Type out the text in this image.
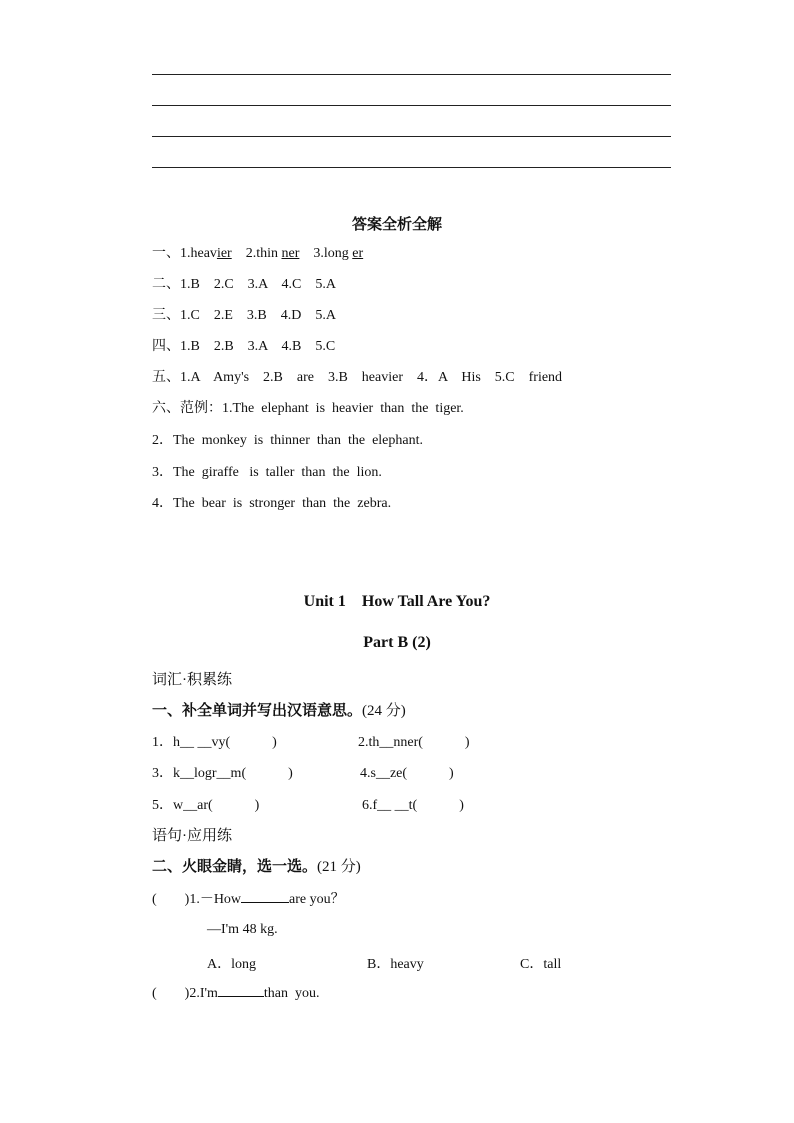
答案全析全解
一、1.heavier    2.thin ner    3.long er
二、1.B    2.C    3.A    4.C    5.A
三、1.C    2.E    3.B    4.D    5.A
四、1.B    2.B    3.A    4.B    5.C
五、1.A    Amy's    2.B    are    3.B    heavier    4．A    His    5.C    friend
六、范例：1.The  elephant  is  heavier  than  the  tiger.
2．The  monkey  is  thinner  than  the  elephant.
3．The  giraffe   is  taller  than  the  lion.
4．The  bear  is  stronger  than  the  zebra.
Unit 1    How Tall Are You?
Part B (2)
词汇·积累练
一、补全单词并写出汉语意思。(24 分)
1．h__ __vy(            )	2.th__nner(            )
3．k__logr__m(            )	4.s__ze(            )
5．w__ar(            )	6.f__ __t(            )
语句·应用练
二、火眼金睛，选一选。(21 分)
(        )1.－How	are you？
—I'm 48 kg.
A．long	B．heavy	C．tall
(        )2.I'm	than  you.
